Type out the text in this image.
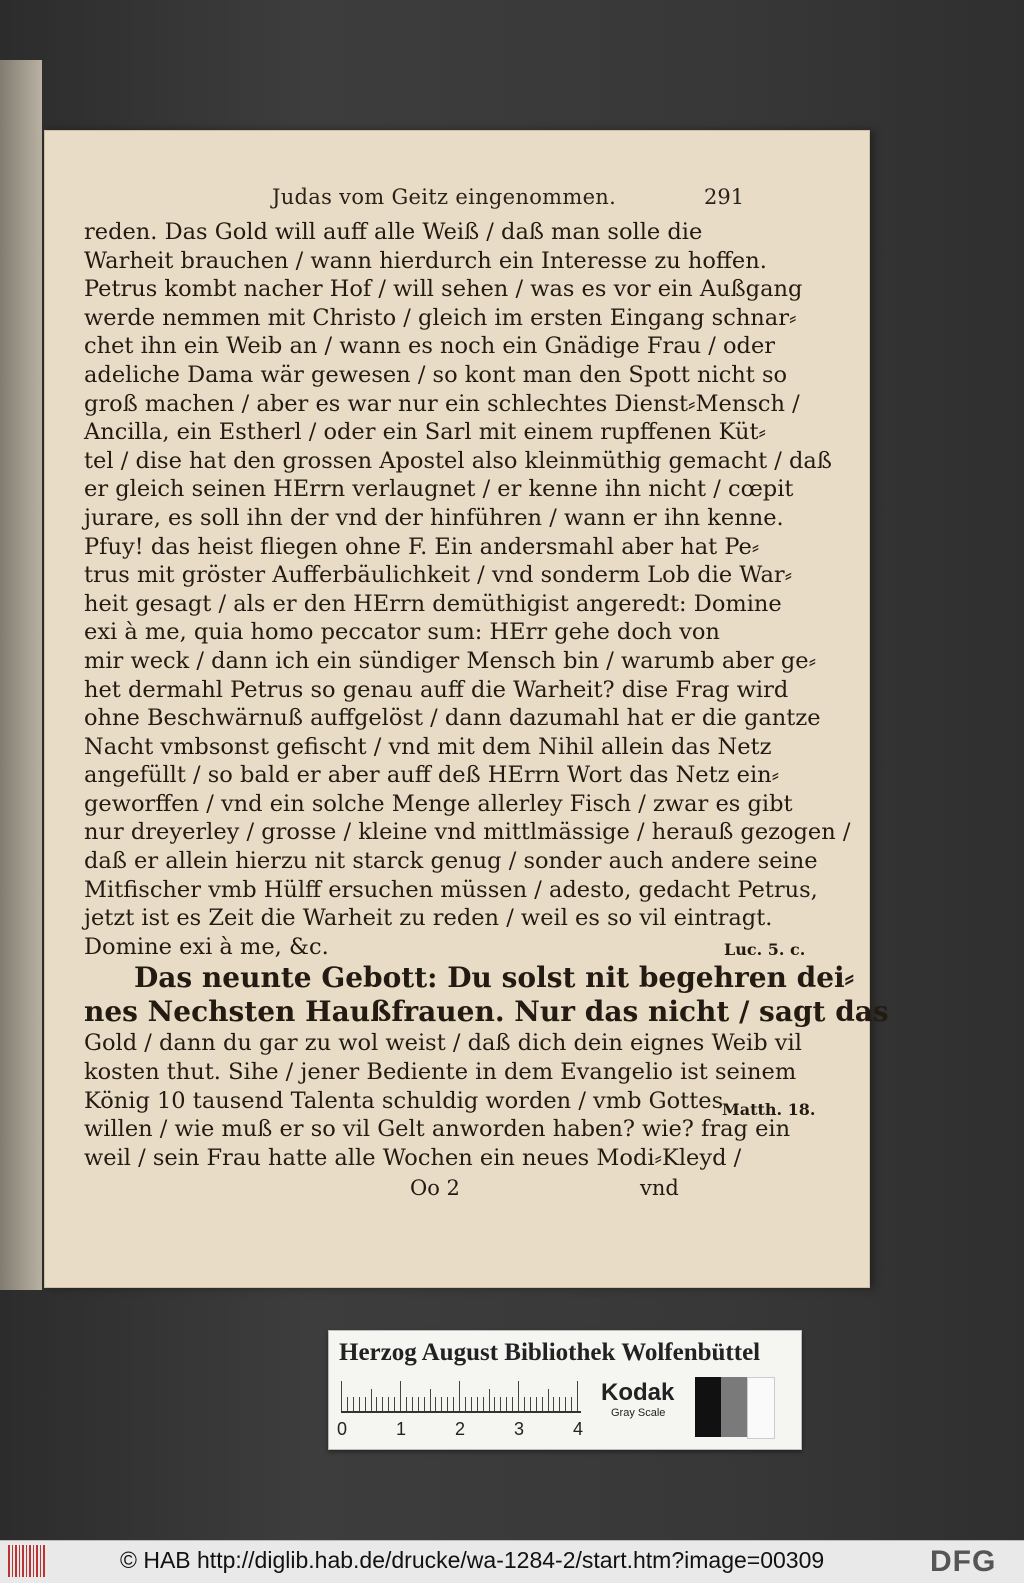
Judas vom Geitz eingenommen.	291
reden. Das Gold will auff alle Weiß / daß man solle die
Warheit brauchen / wann hierdurch ein Interesse zu hoffen.
Petrus kombt nacher Hof / will sehen / was es vor ein Außgang
werde nemmen mit Christo / gleich im ersten Eingang schnar⸗
chet ihn ein Weib an / wann es noch ein Gnädige Frau / oder
adeliche Dama wär gewesen / so kont man den Spott nicht so
groß machen / aber es war nur ein schlechtes Dienst⸗Mensch /
Ancilla, ein Estherl / oder ein Sarl mit einem rupffenen Küt⸗
tel / dise hat den grossen Apostel also kleinmüthig gemacht / daß
er gleich seinen HErrn verlaugnet / er kenne ihn nicht / cœpit
jurare, es soll ihn der vnd der hinführen / wann er ihn kenne.
Pfuy! das heist fliegen ohne F. Ein andersmahl aber hat Pe⸗
trus mit gröster Aufferbäulichkeit / vnd sonderm Lob die War⸗
heit gesagt / als er den HErrn demüthigist angeredt: Domine
exi à me, quia homo peccator sum: HErr gehe doch von
mir weck / dann ich ein sündiger Mensch bin / warumb aber ge⸗
het dermahl Petrus so genau auff die Warheit? dise Frag wird
ohne Beschwärnuß auffgelöst / dann dazumahl hat er die gantze
Nacht vmbsonst gefischt / vnd mit dem Nihil allein das Netz
angefüllt / so bald er aber auff deß HErrn Wort das Netz ein⸗
geworffen / vnd ein solche Menge allerley Fisch / zwar es gibt
nur dreyerley / grosse / kleine vnd mittlmässige / herauß gezogen /
daß er allein hierzu nit starck genug / sonder auch andere seine
Mitfischer vmb Hülff ersuchen müssen / adesto, gedacht Petrus,
jetzt ist es Zeit die Warheit zu reden / weil es so vil eintragt.
Domine exi à me, &c.
Das neunte Gebott: Du solst nit begehren dei⸗
nes Nechsten Haußfrauen. Nur das nicht / sagt das
Gold / dann du gar zu wol weist / daß dich dein eignes Weib vil
kosten thut. Sihe / jener Bediente in dem Evangelio ist seinem
König 10 tausend Talenta schuldig worden / vmb Gottes
willen / wie muß er so vil Gelt anworden haben? wie? frag ein
weil / sein Frau hatte alle Wochen ein neues Modi⸗Kleyd /
Luc. 5. c.
Matth. 18.
Oo 2	vnd
Herzog August Bibliothek Wolfenbüttel
0	1	2	3	4
Kodak
Gray Scale
© HAB http://diglib.hab.de/drucke/wa-1284-2/start.htm?image=00309	DFG
